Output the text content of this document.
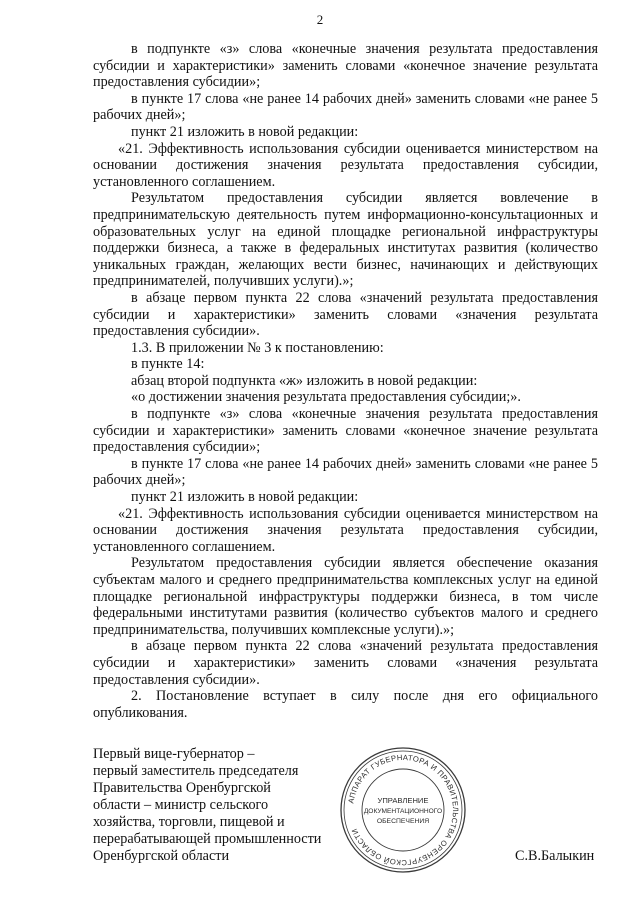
2

в подпункте «з» слова «конечные значения результата предоставления субсидии и характеристики» заменить словами «конечное значение результата предоставления субсидии»;

в пункте 17 слова «не ранее 14 рабочих дней» заменить словами «не ранее 5 рабочих дней»;

пункт 21 изложить в новой редакции:

«21. Эффективность использования субсидии оценивается министерством на основании достижения значения результата предоставления субсидии, установленного соглашением.

Результатом предоставления субсидии является вовлечение в предпринимательскую деятельность путем информационно-консультационных и образовательных услуг на единой площадке региональной инфраструктуры поддержки бизнеса, а также в федеральных институтах развития (количество уникальных граждан, желающих вести бизнес, начинающих и действующих предпринимателей, получивших услуги).»;

в абзаце первом пункта 22 слова «значений результата предоставления субсидии и характеристики» заменить словами «значения результата предоставления субсидии».

1.3. В приложении № 3 к постановлению:

в пункте 14:

абзац второй подпункта «ж» изложить в новой редакции:

«о достижении значения результата предоставления субсидии;».

в подпункте «з» слова «конечные значения результата предоставления субсидии и характеристики» заменить словами «конечное значение результата предоставления субсидии»;

в пункте 17 слова «не ранее 14 рабочих дней» заменить словами «не ранее 5 рабочих дней»;

пункт 21 изложить в новой редакции:

«21. Эффективность использования субсидии оценивается министерством на основании достижения значения результата предоставления субсидии, установленного соглашением.

Результатом предоставления субсидии является обеспечение оказания субъектам малого и среднего предпринимательства комплексных услуг на единой площадке региональной инфраструктуры поддержки бизнеса, в том числе федеральными институтами развития (количество субъектов малого и среднего предпринимательства, получивших комплексные услуги).»;

в абзаце первом пункта 22 слова «значений результата предоставления субсидии и характеристики» заменить словами «значения результата предоставления субсидии».

2. Постановление вступает в силу после дня его официального опубликования.

Первый вице-губернатор –
первый заместитель председателя
Правительства Оренбургской
области – министр сельского
хозяйства, торговли, пищевой и
перерабатывающей промышленности
Оренбургской области
АППАРАТ ГУБЕРНАТОРА И ПРАВИТЕЛЬСТВА ОРЕНБУРГСКОЙ ОБЛАСТИ
УПРАВЛЕНИЕ
ДОКУМЕНТАЦИОННОГО
ОБЕСПЕЧЕНИЯ
С.В.Балыкин
